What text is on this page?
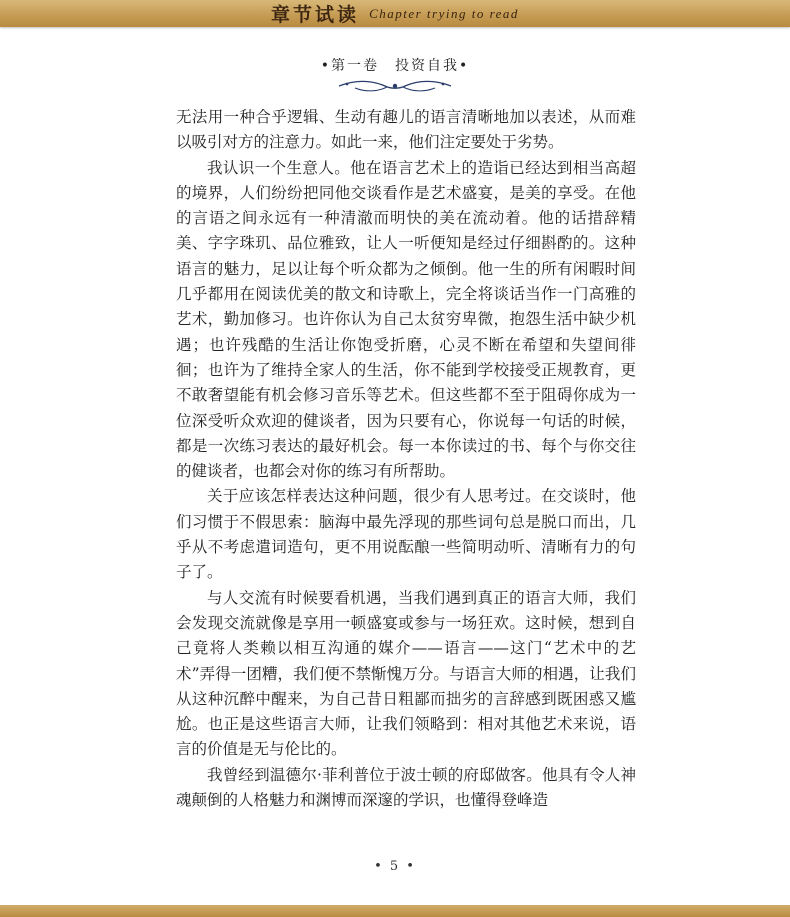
章节试读 Chapter trying to read
•第一卷　投资自我•

无法用一种合乎逻辑、生动有趣儿的语言清晰地加以表述，从而难以吸引对方的注意力。如此一来，他们注定要处于劣势。

我认识一个生意人。他在语言艺术上的造诣已经达到相当高超的境界，人们纷纷把同他交谈看作是艺术盛宴，是美的享受。在他的言语之间永远有一种清澈而明快的美在流动着。他的话措辞精美、字字珠玑、品位雅致，让人一听便知是经过仔细斟酌的。这种语言的魅力，足以让每个听众都为之倾倒。他一生的所有闲暇时间几乎都用在阅读优美的散文和诗歌上，完全将谈话当作一门高雅的艺术，勤加修习。也许你认为自己太贫穷卑微，抱怨生活中缺少机遇；也许残酷的生活让你饱受折磨，心灵不断在希望和失望间徘徊；也许为了维持全家人的生活，你不能到学校接受正规教育，更不敢奢望能有机会修习音乐等艺术。但这些都不至于阻碍你成为一位深受听众欢迎的健谈者，因为只要有心，你说每一句话的时候，都是一次练习表达的最好机会。每一本你读过的书、每个与你交往的健谈者，也都会对你的练习有所帮助。

关于应该怎样表达这种问题，很少有人思考过。在交谈时，他们习惯于不假思索：脑海中最先浮现的那些词句总是脱口而出，几乎从不考虑遣词造句，更不用说酝酿一些简明动听、清晰有力的句子了。

与人交流有时候要看机遇，当我们遇到真正的语言大师，我们会发现交流就像是享用一顿盛宴或参与一场狂欢。这时候，想到自己竟将人类赖以相互沟通的媒介——语言——这门“艺术中的艺术”弄得一团糟，我们便不禁惭愧万分。与语言大师的相遇，让我们从这种沉醉中醒来，为自己昔日粗鄙而拙劣的言辞感到既困惑又尴尬。也正是这些语言大师，让我们领略到：相对其他艺术来说，语言的价值是无与伦比的。

我曾经到温德尔·菲利普位于波士顿的府邸做客。他具有令人神魂颠倒的人格魅力和渊博而深邃的学识，也懂得登峰造

• 5 •
